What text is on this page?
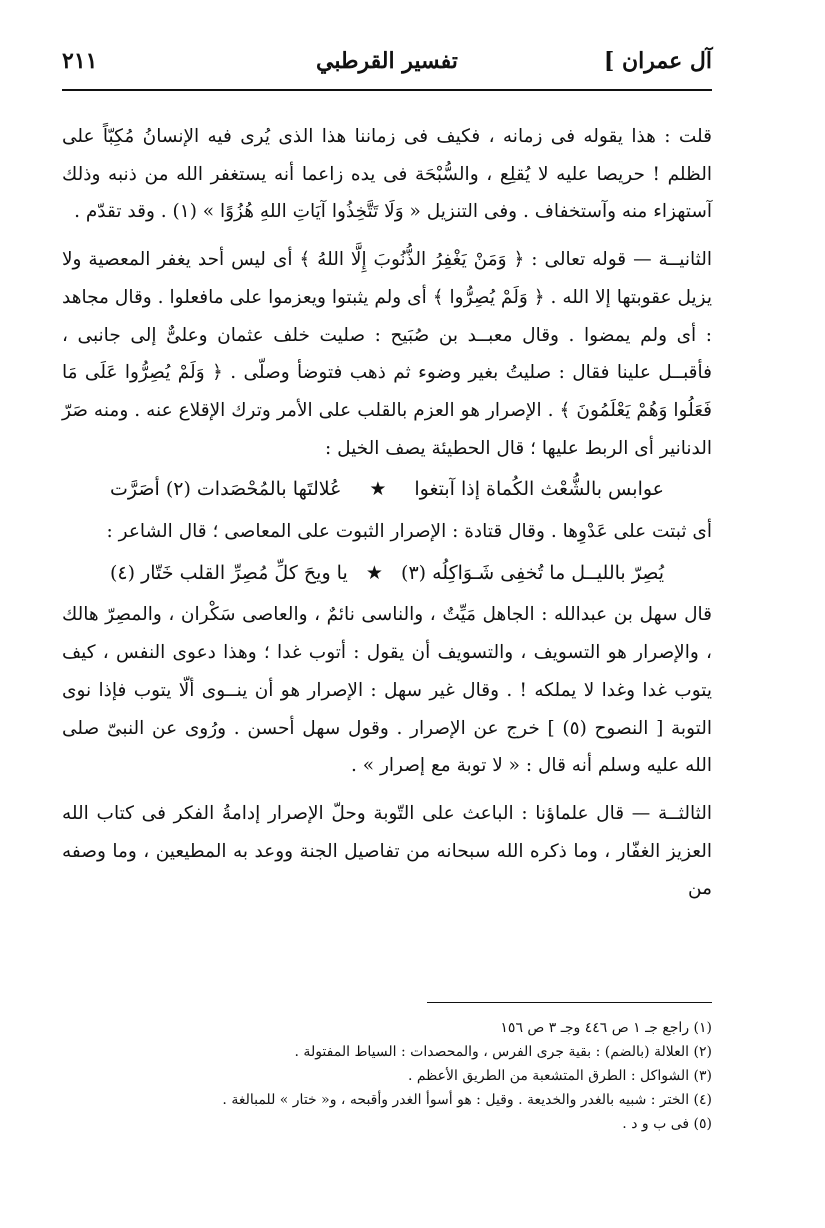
آل عمران ]
تفسير القرطبي
٢١١

قلت : هذا يقوله فى زمانه ، فكيف فى زماننا هذا الذى يُرى فيه الإنسانُ مُكِبّاً على الظلم ! حريصا عليه لا يُقلِع ، والسُّبْحَة فى يده زاعما أنه يستغفر الله من ذنبه وذلك آستهزاء منه وآستخفاف . وفى التنزيل « وَلَا تَتَّخِذُوا آيَاتِ اللهِ هُزُوًا » (١) . وقد تقدّم .

الثانيــة — قوله تعالى : ﴿ وَمَنْ يَغْفِرُ الذُّنُوبَ إِلَّا اللهُ ﴾ أى ليس أحد يغفر المعصية ولا يزيل عقوبتها إلا الله . ﴿ وَلَمْ يُصِرُّوا ﴾ أى ولم يثبتوا ويعزموا على مافعلوا . وقال مجاهد : أى ولم يمضوا . وقال معبــد بن صُبَيح : صليت خلف عثمان وعلىٌّ إلى جانبى ، فأقبــل علينا فقال : صليتُ بغير وضوء ثم ذهب فتوضأ وصلّى . ﴿ وَلَمْ يُصِرُّوا عَلَى مَا فَعَلُوا وَهُمْ يَعْلَمُونَ ﴾ . الإصرار هو العزم بالقلب على الأمر وترك الإقلاع عنه . ومنه صَرّ الدنانير أى الربط عليها ؛ قال الحطيئة يصف الخيل :

عوابس بالشُّعْث الكُماة إذا آبتغوا
★
عُلالتَها بالمُحْصَدات (٢) أصَرَّت

أى ثبتت على عَدْوِها . وقال قتادة : الإصرار الثبوت على المعاصى ؛ قال الشاعر :

يُصِرّ بالليــل ما تُخفِى شَـوَاكِلُه (٣)
★
يا ويحَ كلِّ مُصِرِّ القلب خَتّار (٤)

قال سهل بن عبدالله : الجاهل مَيِّتٌ ، والناسى نائمٌ ، والعاصى سَكْران ، والمصِرّ هالك ، والإصرار هو التسويف ، والتسويف أن يقول : أتوب غدا ؛ وهذا دعوى النفس ، كيف يتوب غدا وغدا لا يملكه ! . وقال غير سهل : الإصرار هو أن ينــوى ألّا يتوب فإذا نوى التوبة [ النصوح (٥) ] خرج عن الإصرار . وقول سهل أحسن . ورُوى عن النبىّ صلى الله عليه وسلم أنه قال : « لا توبة مع إصرار » .

الثالثــة — قال علماؤنا : الباعث على التّوبة وحلّ الإصرار إدامةُ الفكر فى كتاب الله العزيز الغفّار ، وما ذكره الله سبحانه من تفاصيل الجنة ووعد به المطيعين ، وما وصفه من

(١) راجع جـ ١ ص ٤٤٦ وجـ ٣ ص ١٥٦

(٢) العلالة (بالضم) : بقية جرى الفرس ، والمحصدات : السياط المفتولة .

(٣) الشواكل : الطرق المتشعبة من الطريق الأعظم .

(٤) الختر : شبيه بالغدر والخديعة . وقيل : هو أسوأ الغدر وأقبحه ، و« ختار » للمبالغة .

(٥) فى ب و د .
